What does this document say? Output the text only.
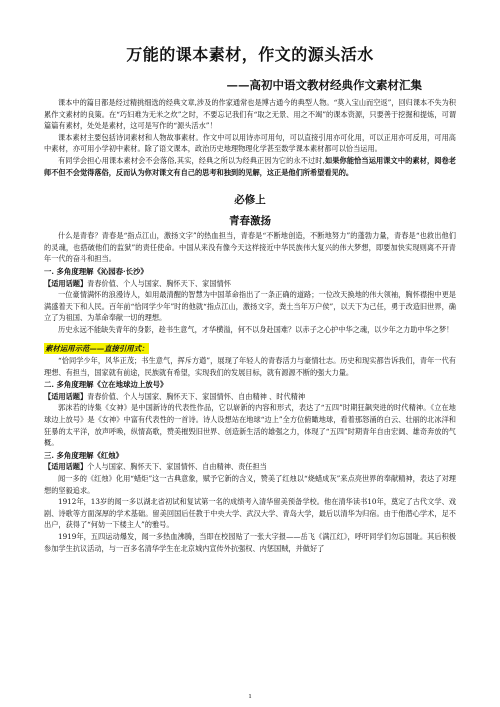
万能的课本素材，作文的源头活水
——高初中语文教材经典作文素材汇集

课本中的篇目都是经过精挑细选的经典文章,涉及的作家通常也是博古通今的典型人物。“莫入宝山而空返”，回归课本不失为积累作文素材的良策。在“巧妇难为无米之炊”之时，不要忘记我们有“取之无景、用之不竭”的课本资源，只要善于挖掘和提炼，可谓篇篇有素材，处处是素材，这可是写作的“源头活水”！

课本素材主要包括诗词素材和人物故事素材。作文中可以用诗亦可用句，可以直接引用亦可化用，可以正用亦可反用，可用高中素材，亦可用小学初中素材。除了语文课本，政治历史地理物理化学甚至数学课本素材都可以恰当运用。

有同学会担心用课本素材会不会落俗,其实，经典之所以为经典正因为它的永不过时,如果你能恰当运用课文中的素材，阅卷老师不但不会觉得落俗，反而认为你对课文有自己的思考和独到的见解，这正是他们所希望看见的。

必修上
青春激扬

什么是青春？青春是“指点江山，激扬文字”的热血担当，青春是“不断地创造，不断地努力”的蓬勃力量，青春是“也救出他们的灵魂，也搭破他们的监狱”的责任使命。中国从来没有像今天这样接近中华民族伟大复兴的伟大梦想，即要加快实现则离不开青年一代的奋斗和担当。

一. 多角度理解《沁园春·长沙》

【适用话题】青春价值、个人与国家、胸怀天下、家国情怀

一位豪情满怀的浪漫诗人，如用最清醒的智慧为中国革命指出了一条正确的道路；一位改天换地的伟大领袖，胸怀襟抱中更是满盛着天下和人民。百年前“恰同学少年”时的他就“指点江山，激扬文字，粪土当年万户侯”，以天下为己任，勇于改造旧世界，确立了为祖国、为革命奉献一切的理想。

历史永远不能缺失青年的身影，趁书生意气，才华横溢，何不以身赴国难？以赤子之心护中华之魂，以少年之力助中华之梦！

素材运用示范——直接引用式：

“恰同学少年，风华正茂；书生意气，挥斥方遒”，展现了年轻人的青春活力与豪情壮志。历史和现实都告诉我们，青年一代有理想、有担当，国家就有前途，民族就有希望，实现我们的发展目标，就有源源不断的强大力量。

二. 多角度理解《立在地球边上放号》

【适用话题】青春价值、个人与国家、胸怀天下、家国情怀、自由精神 、时代精神

郭沫若的诗集《女神》是中国新诗的代表性作品，它以崭新的内容和形式，表达了“五四”时期狂飙突进的时代精神。《立在地球边上放号》是《女神》中富有代表性的一首诗。诗人设想站在地球“边上”全方位俯瞰地球，看着那怒涌的白云、壮丽的北冰洋和狂暴的太平洋，放声呼唤，纵情高歌，赞美摧毁旧世界、创造新生活的雄强之力，体现了“五四”时期青年自由宏阔、雄奇奔放的气概。

三. 多角度理解《红烛》

【适用话题】个人与国家、胸怀天下、家国情怀、自由精神、责任担当

闻一多的《红烛》化用“蜡炬”这一古典意象，赋予它新的含义，赞美了红烛以“烧蜡成灰”来点亮世界的奉献精神，表达了对理想的坚毅追求。

1912年，13岁的闻一多以湖北省初试和复试第一名的成绩考入清华留美预备学校。他在清华读书10年，奠定了古代文学、戏剧、诗歌等方面深厚的学术基础。留美回国后任教于中央大学、武汉大学、青岛大学，最后以清华为归宿。由于他潜心学术，足不出户，获得了“何妨一下楼主人”的雅号。

1919年，五四运动爆发，闻一多热血沸腾，当即在校园贴了一张大字报——岳飞《满江红》，呼吁同学们勿忘国耻。其后积极参加学生抗议活动，与一百多名清华学生在北京城内宣传外抗强权、内惩国贼，并做好了

1
